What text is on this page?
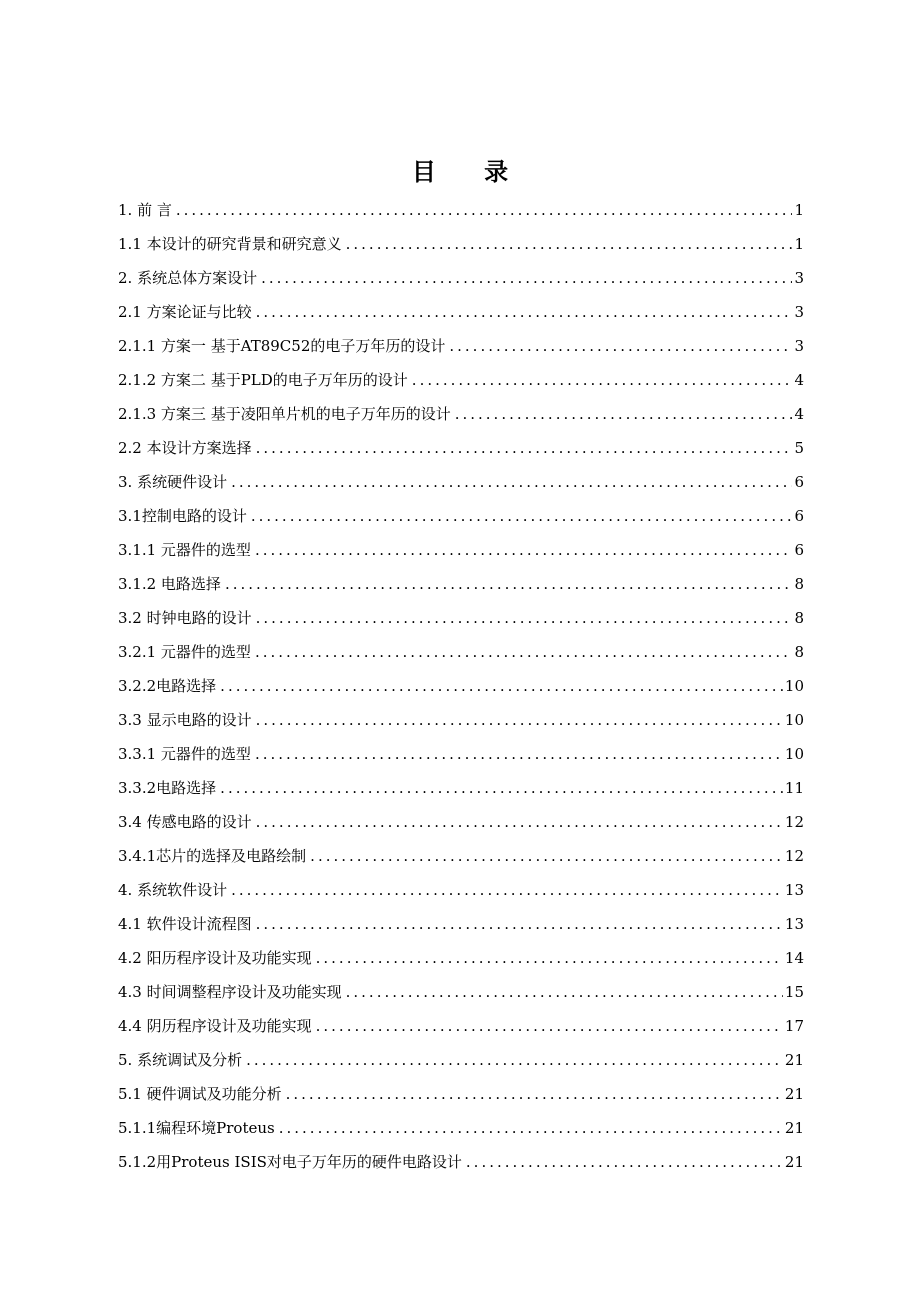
目 录
1. 前 言 .....	1
1.1 本设计的研究背景和研究意义 .....	1
2. 系统总体方案设计 .....	3
2.1 方案论证与比较 .....	3
2.1.1 方案一 基于AT89C52的电子万年历的设计 .....	3
2.1.2 方案二 基于PLD的电子万年历的设计 .....	4
2.1.3 方案三 基于凌阳单片机的电子万年历的设计 .....	4
2.2 本设计方案选择 .....	5
3. 系统硬件设计 .....	6
3.1控制电路的设计 .....	6
3.1.1 元器件的选型 .....	6
3.1.2 电路选择 .....	8
3.2 时钟电路的设计 .....	8
3.2.1 元器件的选型 .....	8
3.2.2电路选择 .....	10
3.3 显示电路的设计 .....	10
3.3.1 元器件的选型 .....	10
3.3.2电路选择 .....	11
3.4 传感电路的设计 .....	12
3.4.1芯片的选择及电路绘制 .....	12
4. 系统软件设计 .....	13
4.1 软件设计流程图 .....	13
4.2 阳历程序设计及功能实现 .....	14
4.3 时间调整程序设计及功能实现 .....	15
4.4 阴历程序设计及功能实现 .....	17
5. 系统调试及分析 .....	21
5.1 硬件调试及功能分析 .....	21
5.1.1编程环境Proteus .....	21
5.1.2用Proteus ISIS对电子万年历的硬件电路设计 .....	21
